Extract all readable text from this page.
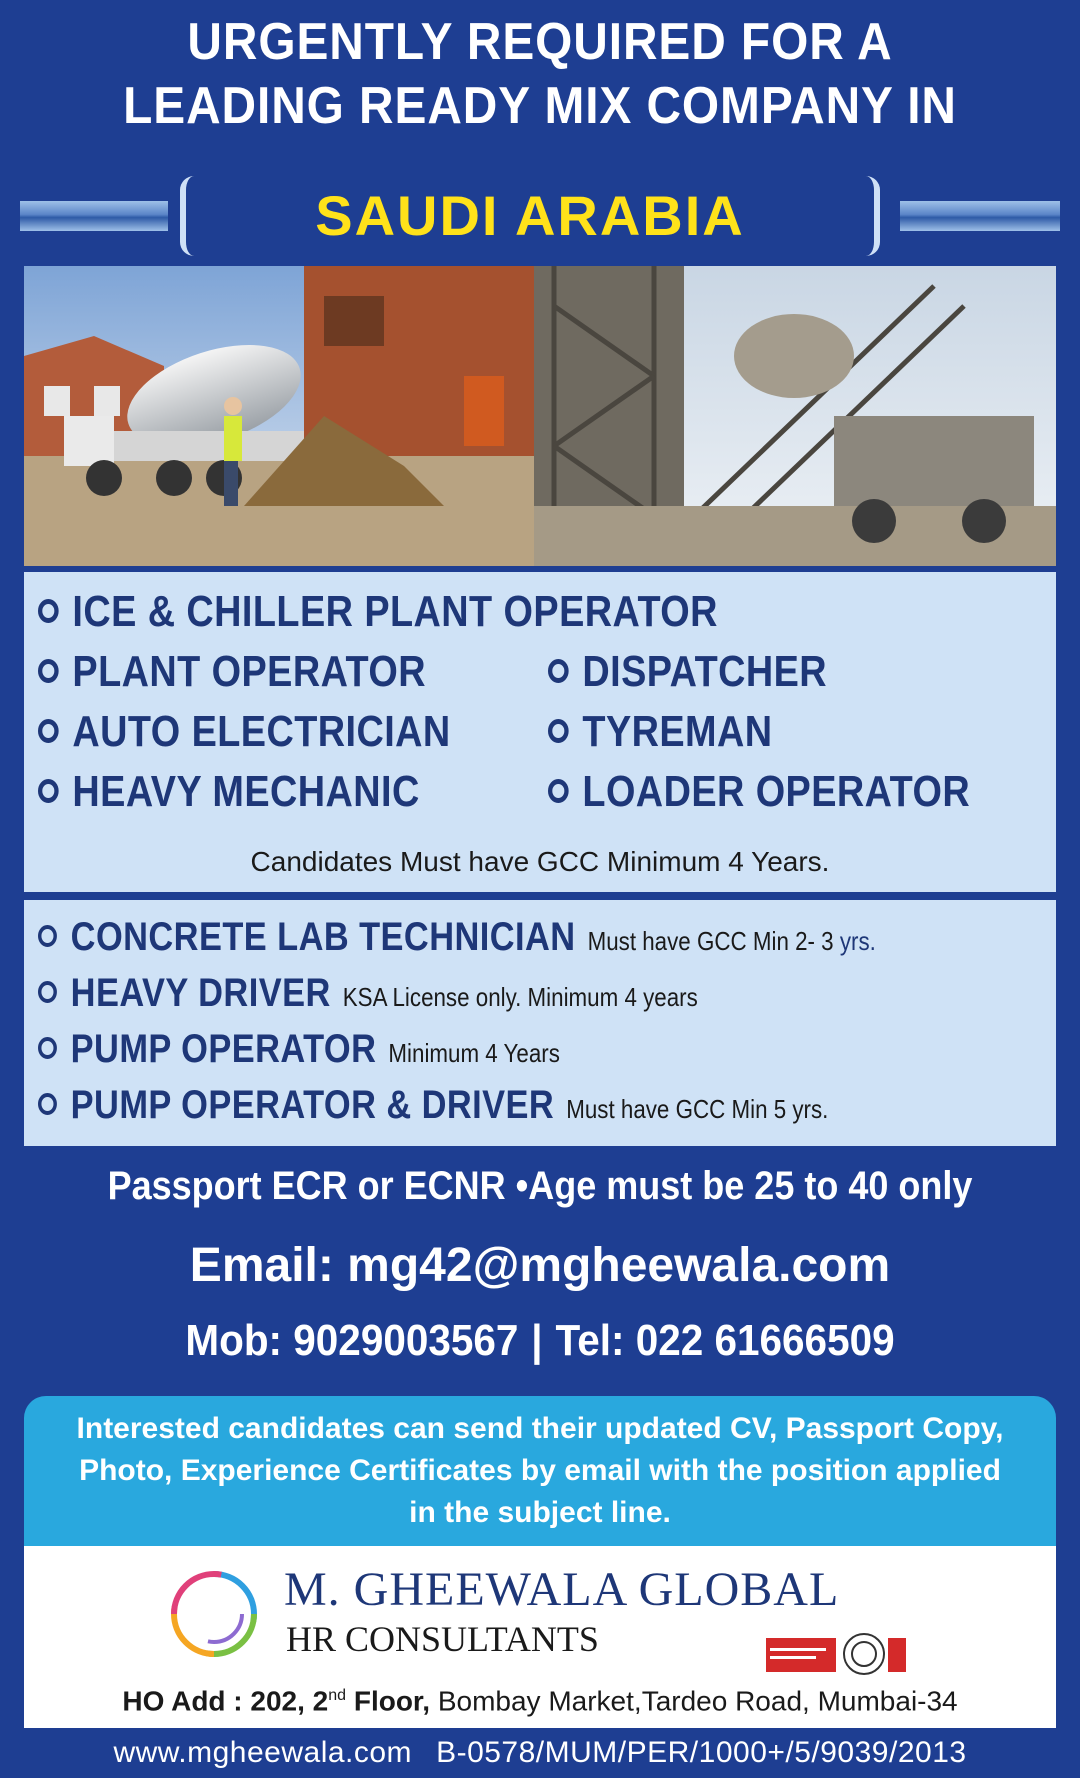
URGENTLY REQUIRED FOR A
LEADING READY MIX COMPANY IN
SAUDI ARABIA
ICE & CHILLER PLANT OPERATOR
PLANT OPERATOR	DISPATCHER
AUTO ELECTRICIAN	TYREMAN
HEAVY MECHANIC	LOADER OPERATOR
Candidates Must have GCC Minimum 4 Years.
CONCRETE LAB TECHNICIAN Must have GCC Min 2- 3 yrs.
HEAVY DRIVER KSA License only. Minimum 4 years
PUMP OPERATOR Minimum 4 Years
PUMP OPERATOR & DRIVER Must have GCC Min 5 yrs.
Passport ECR or ECNR •Age must be 25 to 40 only
Email: mg42@mgheewala.com
Mob: 9029003567 | Tel: 022 61666509
Interested candidates can send their updated CV, Passport Copy, Photo, Experience Certificates by email with the position applied in the subject line.
M. GHEEWALA GLOBAL
HR CONSULTANTS
HO Add : 202, 2nd Floor, Bombay Market,Tardeo Road, Mumbai-34
www.mgheewala.com B-0578/MUM/PER/1000+/5/9039/2013
